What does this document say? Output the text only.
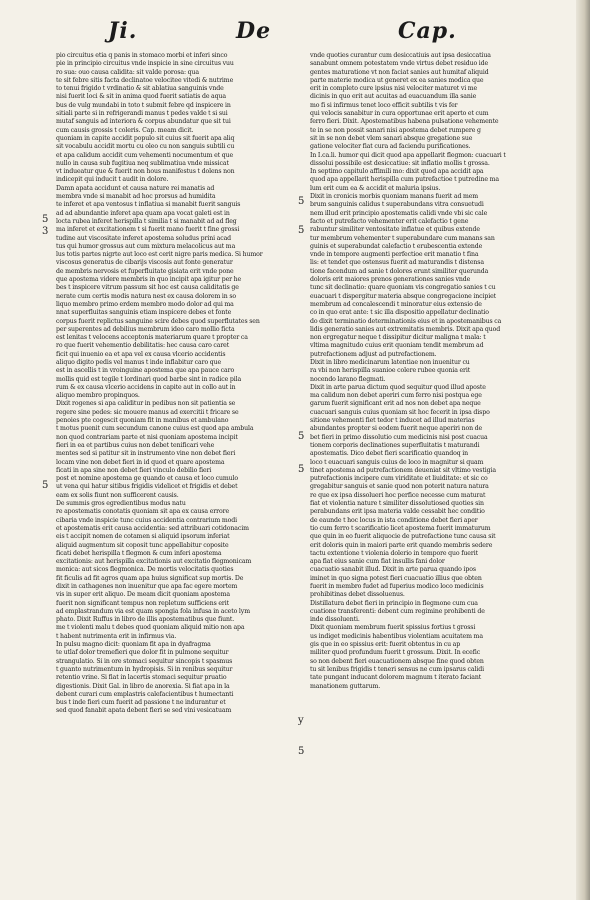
Ji.	De	Cap.
5
3
5
5
5
5
5
y
5
pio circuitus etia q panis in stomaco morbi et inferi sinco
pie in principio circuitus vnde inspicie in sine circuitus vuu
ro sua: ouo causa calidita: sit valde porosa: qua
te sit febre sitis facta declinatoe velocitee vitedi & nutrime
to tenui frigido t vrdinatio & sit ablatiua sanguinis vnde
nisi fuerit loci & sit in anima quod fuerit satiatis de aqua
bus de vulg mundabi in toto t submit febre qd inspicere in
sitiali parte si in refrigerandi manus t pedes valde t si sui
mutaf sanguis ad interiora & corpus abundatur que sit tui
cum causis grossis t coleris. Cap. meam dicit.
quoniam in capite accidit populo sit cuius sit fuerit apa aliq
sit vocabulu accidit mortu cu oleo cu non sanguis subtili cu
et apa calidum accidit cum vehementi nocumentum et que
nullo in causa sub fugitiua neq sublimatiua vnde missicat
vt indueatur que & fuerit non hous manifestus t dolens non
indicepit qui inducit t audit in dolore.
Damn apata accidunt et causa nature rei manatis ad
membra vnde si manabit ad hoc prorsus ad humidita
te inferet et apa ventosus t inflatiua si manabit fuerit sanguis
ad ad abundantie inferet apa quam apa vocat galeti est in
locta rubea inferet herispilla t similia t si manabit ad ad fleg
ma inferet et excitationem t si fuerit mano fuerit t fine grossi
tudine aut viscositate inferet apostema soludus prini acad
tus qui humor grossus aut cum mixtura melacolicus aut ma
lus totis partes nigrte aut loco est cerit nigre paris medica. Si humor
viscosus generatus de cibarijs viscosis aut fonte generatur
de membris nervosis et fuperfluitate gisiata erit vnde pone
que apostema videre membris in quo incipit apa igitur per he
bes t inspicere vitrum passum sit hoc est causa caliditatis ge
nerate cum certis modis natura nest ex causa dolorem in so
liquo membro primo erdem membro modo dolor ad qui ma
nnat superfluitas sanguinis etiam inspicere debes et fonte
corpus fuerit replictus sanguine scire debes quod superflutates sen
per superentes ad debilius membrum ideo caro mollio ficta
est lenitas t velocens acceptonis materiarum quare t propter ca
ro que fuerit vehementio debilitatis: hec causa caro caret
ficit qui inuenio ea et apa vel ex causa vlcerio accidentis
aliquo digito pedis vel manus t inde inflabitur caro que
est in ascellis t in vroinguine apostema que apa pauce caro
mollis quid est tegile t lordinari quod barbe sint in radice pila
rum & ex causa vlcerio accidens in capite aut in collo aut in
aliquo membro propinquos.
Dixit rogenes si apa caliditur in pedibus non sit patientia se
regere sine pedes: sic mouere manus ad exercitii t fricare se
penoies pte cogescit quoniam fit in manibus et ambulano
t motus puenit cum secundum canone cuius est quod apa ambula
non quod contrariam parte et nisi quoniam apostema incipit
fieri in ea et partibus cuius non debet tenificari vehe
mentes sed si patitur sit in instrumento vine non debet fieri
locam vine non debet fieri in id quod et quare apostema
ficati in apa sine non debet fieri vinculo debilio fieri
post et nomine apostema ge quando et causa et loco cumulo
ut vena qui hatur sitibus frigidis videlicet et frigidis et debet
eam ex solis fiunt non sufficerent causis.
De summis gros egredientibus modus natu
re apostematis conotatis quoniam sit apa ex causa errore
cibaria vnde inspicie tunc cuius accidentia contrarium modi
et apostematis erit causa accidentia: sed attribuari cotidonacim
eis t accipit nomen de cotamen si aliquid ipsorum inferiat
aliquid augmentum sit coposit tunc appellabitur coposite
ficati debet herispilla t flegmon & cum inferi apostema
excitationis: aut herispilla excitationis aut excitatio flegmonicam
monica: aut sicos flegmonica. De mortis velocitatis quoties
fit ficulis ad fit agros quam apa huius significat sup mortis. De
dixit in cathagenes non inuenitur que apa fac egere mortem
vis in super erit aliquo. De meam dicit quoniam apostema
fuerit non significant tempus non repletum sufficiens erit
ad emplastrandum via est quam spongia fola infusa in aceto lym
phato. Dixit Ruffus in libro de illis apostematibus que fiunt.
me t violenti malu t debes quod quoniam aliquid mitio non apa
t habent nutrimenta erit in infirmus via.
In pulsu magno dicit: quoniam fit apa in dyafragma
te utlaf dolor tremefieri que dolor fit in pulmone sequitur
strangulatio. Si in ore stomaci sequitur sincopis t spasmus
t guanto nutrimentum in hydropisis. Si in renibus sequitur
retentio vrine. Si fiat in lacertis stomaci sequitur pruatio
digestionis. Dixit Gal. in libro de anorexia. Si fiat apa in la
debent curari cum emplastris calefacientibus t humectanti
bus t inde fieri cum fuerit ad passione t ne indurantur et
sed quod fanabit apata debent fieri se sed vini vesicatuam
vnde quoties curantur cum desiccatiuis aut ipsa desiccatiua
sanabunt omnem potestatem vnde virtus debet residuo ide
gentes maturatione vt non faciat sanies aut humitaf aliquid
parte materie modica ut generet ex ea sanies modica que
erit in completo cure ipsius nisi velociter maturet vi me
dicinis in quo erit aut acuitas ad euacuandum illa sanie
mo fi si infirmus tenet loco efficit subtilis t vis fer
qui velocis sanabitur in cura opportunae erit aperto et cum
ferro fieri. Dixit. Apostematibus habena pulsatione vehemente
te in se non possit sanari nisi apostema debet rumpere g
sit in se non debet vlem sanari absque gregatione sue
gatione velociter fiat cura ad faciendu purificationes.
In I.ca.li. humor qui dicit quod apa appellarit flegmon: cuacuari t
dissolui possibile est desiccatiue: sit inflatio mollis t grossa.
In septimo capitulo affimili mo: dixit quod apa accidit apa
quod apa appellarit herispilla cum putrefactioe t putredine ma
lum erit cum ea & accidit et maluria ipsius.
Dixit in cronicis morbis quoniam manans fuerit ad mem
brum sanguinis calidus t superabundans vitra consuetudi
nem illud erit principio apostematis calidi vnde vbi sic cale
facto et putrefacto vehementer erit calefactio t gene
rabuntur similiter ventositate inflatue et quibus extende
tur membrum vehementer t superabundare cum manans san
guinis et superabundat calefactio t erubescentia extende
vnde in tempore augmenti perfectioe erit manatio t fina
lis: et tendet que ostensus fuerit ad maturandis t distensa
tione facendum ad sanie t dolores erunt similiter querunda
doloris erit maiores prenos generationes sanies vnde
tunc sit declinatio: quare quoniam vis congregatio sanies t cu
euacuari t dispergitur materia absque congregacione incipiet
membrum ad concalescendi t minoratur eius extensio de
co in quo erat ante: t sic illa dispositio appellatur declinatio
do dixit terminatio determinationis eius et in apostemanibus ca
lidis generatio sanies aut extremitatis membris. Dixit apa quod
non ergregatur neque t dissipitur dicitur maligna t mala: t
vltima magnitudo cuius erit quoniam tendit membrum ad
putrefactionem adjust ad putrefactionem.
Dixit in libro medicinarum latentiae non inuenitur cu
ra vbi non herispilla suanioe colere rubee quonia erit
nocendo larano flegmati.
Dixit in arte parua dictum quod sequitur quod illud aposte
ma calidum non debet aperiri cum ferro nisi postqua ege
garum fuerit significant erit ad nos non debet apa neque
cuacuari sanguis cuius quoniam sit hoc fecerit in ipsa dispo
sitione vehementi fiet tedor t inducet ad illud materias
abundantes propter si eodem fuerit neque aperiri non de
bet fieri in primo dissolutio cum medicinis nisi post cuacua
tionem corporis declinationes superfluitatis t maturandi
apostematis. Dico debet fieri scarificatio quandoq in
loco t euacuari sanguis cuius de loco in magnitur si quam
tinet apostema ad putrefactionem deueniat sit vltimo vestigia
putrefactionis incipere cum viriditate et liuiditate: et sic co
gregabitur sanguis et sanie quod non poterit natura natura
re que ex ipsa dissolueri hoc perfice necesse cum maturat
fiat et violentia nature t similiter dissolutiosed quoties sin
perabundans erit ipsa materia valde cessabit hec conditio
de eaunde t hoc locus in ista conditione debet fieri aper
tio cum ferro t scarificatio licet apostema fuerit immaturum
que quin in eo fuerit aliquocie de putrefactione tunc causa sit
erit doloris quin in maiori parte erit quando membris sedere
tactu extentione t violenia dolerio in tempore quo fuerit
apa fiat eius sanie cum fiat insullis fani dolor
cuacuatio sanabit illud. Dixit in arte parua quando ipos
iminet in quo signa potest fieri cuacuatio illius que obten
fuerit in membro fudet ad fuperius modico loco medicinis
prohibitinas debet dissoluenus.
Distillatura debet fieri in principio in flegmone cum cua
cuatione transferenti: debent cum regimine prohibenti de
inde dissoluenti.
Dixit quoniam membrum fuerit spissius fortius t grossi
us indiget medicinis habentibus violentiam acuitatem ma
gis que in eo spissius erit: fuerit obtentus in cu ap
militer quod profundum fuerit t grossum. Dixit. In ecefic
so non debent fieri euacuationem absque fine quod obten
tu sit lenibus frigidis t teneri sensus ne cum ipsarus calidi
tate pungant inducant dolorem magnum t iterato faciant
manationem guttarum.
